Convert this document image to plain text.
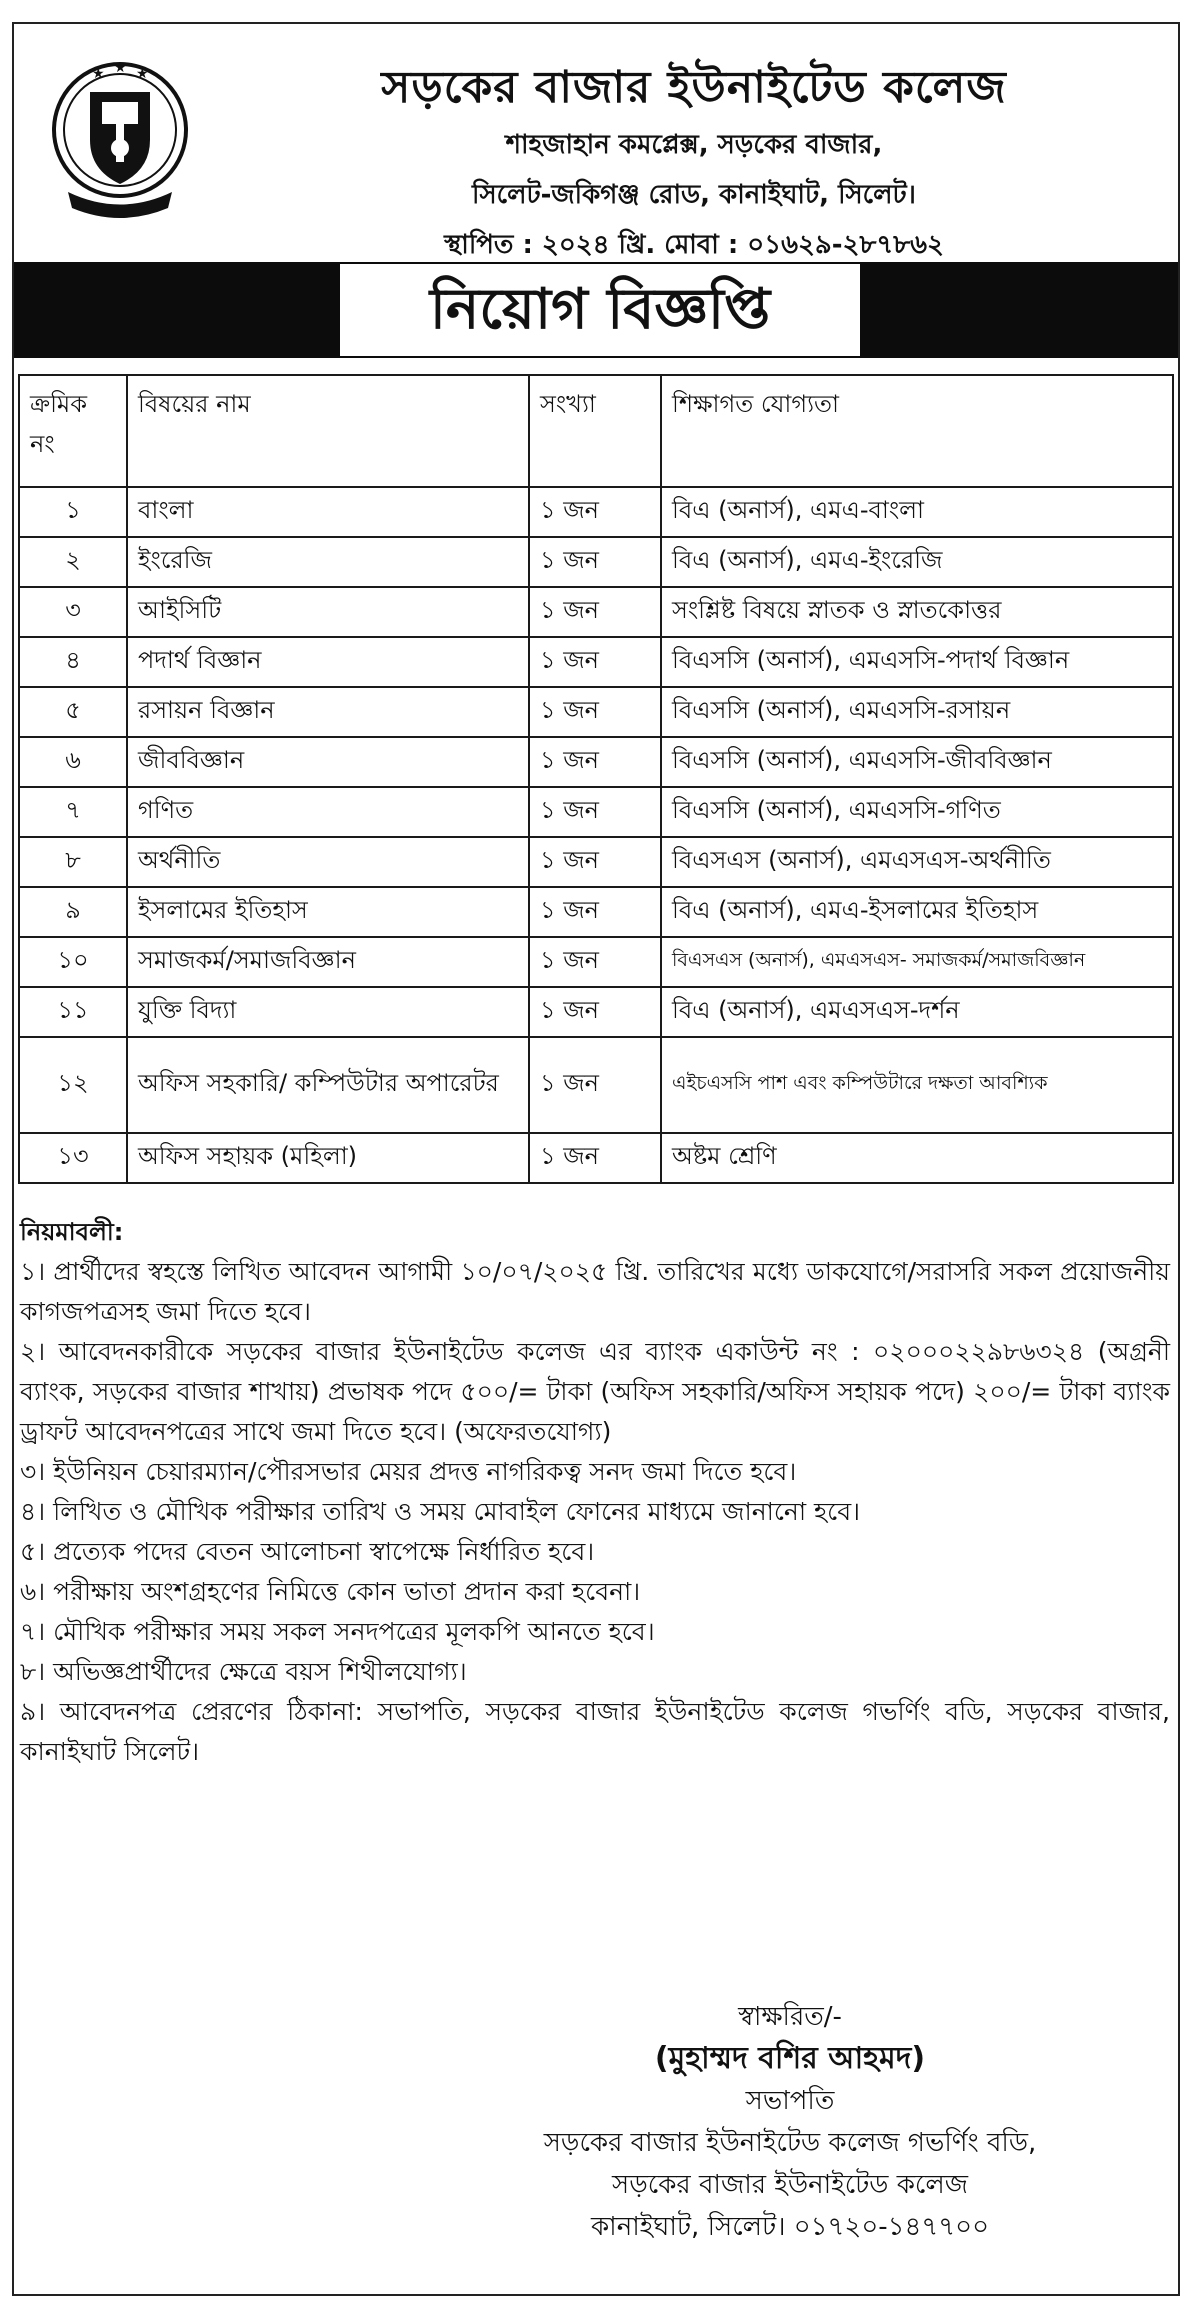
★ ★ ★	সড়কের বাজার ইউনাইটেড কলেজ
শাহজাহান কমপ্লেক্স, সড়কের বাজার,
সিলেট-জকিগঞ্জ রোড, কানাইঘাট, সিলেট।
স্থাপিত : ২০২৪ খ্রি. মোবা : ০১৬২৯-২৮৭৮৬২
নিয়োগ বিজ্ঞপ্তি
ক্রমিক নং	বিষয়ের নাম	সংখ্যা	শিক্ষাগত যোগ্যতা
১	বাংলা	১ জন	বিএ (অনার্স), এমএ-বাংলা
২	ইংরেজি	১ জন	বিএ (অনার্স), এমএ-ইংরেজি
৩	আইসিটি	১ জন	সংশ্লিষ্ট বিষয়ে স্নাতক ও স্নাতকোত্তর
৪	পদার্থ বিজ্ঞান	১ জন	বিএসসি (অনার্স), এমএসসি-পদার্থ বিজ্ঞান
৫	রসায়ন বিজ্ঞান	১ জন	বিএসসি (অনার্স), এমএসসি-রসায়ন
৬	জীববিজ্ঞান	১ জন	বিএসসি (অনার্স), এমএসসি-জীববিজ্ঞান
৭	গণিত	১ জন	বিএসসি (অনার্স), এমএসসি-গণিত
৮	অর্থনীতি	১ জন	বিএসএস (অনার্স), এমএসএস-অর্থনীতি
৯	ইসলামের ইতিহাস	১ জন	বিএ (অনার্স), এমএ-ইসলামের ইতিহাস
১০	সমাজকর্ম/সমাজবিজ্ঞান	১ জন	বিএসএস (অনার্স), এমএসএস- সমাজকর্ম/সমাজবিজ্ঞান
১১	যুক্তি বিদ্যা	১ জন	বিএ (অনার্স), এমএসএস-দর্শন
১২	অফিস সহকারি/ কম্পিউটার অপারেটর	১ জন	এইচএসসি পাশ এবং কম্পিউটারে দক্ষতা আবশ্যিক
১৩	অফিস সহায়ক (মহিলা)	১ জন	অষ্টম শ্রেণি
নিয়মাবলী:
১। প্রার্থীদের স্বহস্তে লিখিত আবেদন আগামী ১০/০৭/২০২৫ খ্রি. তারিখের মধ্যে ডাকযোগে/সরাসরি সকল প্রয়োজনীয় কাগজপত্রসহ জমা দিতে হবে।
২। আবেদনকারীকে সড়কের বাজার ইউনাইটেড কলেজ এর ব্যাংক একাউন্ট নং : ০২০০০২২৯৮৬৩২৪ (অগ্রনী ব্যাংক, সড়কের বাজার শাখায়) প্রভাষক পদে ৫০০/= টাকা (অফিস সহকারি/অফিস সহায়ক পদে) ২০০/= টাকা ব্যাংক ড্রাফট আবেদনপত্রের সাথে জমা দিতে হবে। (অফেরতযোগ্য)
৩। ইউনিয়ন চেয়ারম্যান/পৌরসভার মেয়র প্রদত্ত নাগরিকত্ব সনদ জমা দিতে হবে।
৪। লিখিত ও মৌখিক পরীক্ষার তারিখ ও সময় মোবাইল ফোনের মাধ্যমে জানানো হবে।
৫। প্রত্যেক পদের বেতন আলোচনা স্বাপেক্ষে নির্ধারিত হবে।
৬। পরীক্ষায় অংশগ্রহণের নিমিত্তে কোন ভাতা প্রদান করা হবেনা।
৭। মৌখিক পরীক্ষার সময় সকল সনদপত্রের মূলকপি আনতে হবে।
৮। অভিজ্ঞপ্রার্থীদের ক্ষেত্রে বয়স শিথীলযোগ্য।
৯। আবেদনপত্র প্রেরণের ঠিকানা: সভাপতি, সড়কের বাজার ইউনাইটেড কলেজ গভর্ণিং বডি, সড়কের বাজার, কানাইঘাট সিলেট।
স্বাক্ষরিত/-
(মুহাম্মদ বশির আহমদ)
সভাপতি
সড়কের বাজার ইউনাইটেড কলেজ গভর্ণিং বডি,
সড়কের বাজার ইউনাইটেড কলেজ
কানাইঘাট, সিলেট। ০১৭২০-১৪৭৭০০
